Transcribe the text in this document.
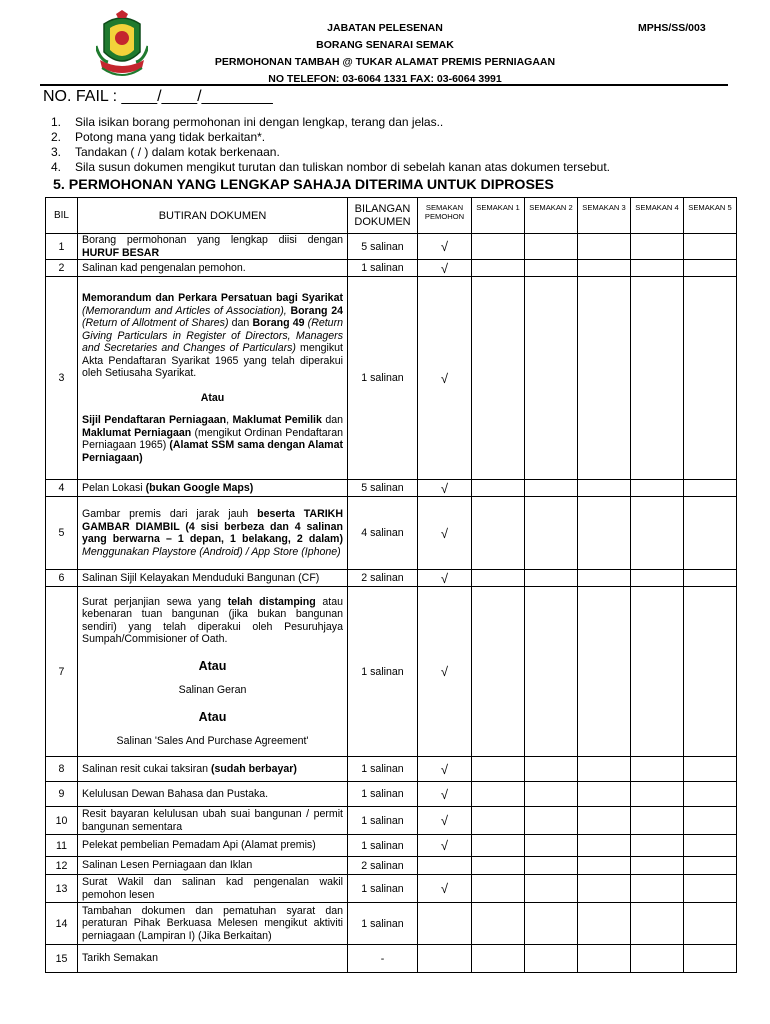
JABATAN PELESENAN
BORANG SENARAI SEMAK
PERMOHONAN TAMBAH @ TUKAR ALAMAT PREMIS PERNIAGAAN
NO TELEFON: 03-6064 1331 FAX: 03-6064 3991
MPHS/SS/003
NO. FAIL : ____/____/________
1. Sila isikan borang permohonan ini dengan lengkap, terang dan jelas..
2. Potong mana yang tidak berkaitan*.
3. Tandakan ( / ) dalam kotak berkenaan.
4. Sila susun dokumen mengikut turutan dan tuliskan nombor di sebelah kanan atas dokumen tersebut.
5. PERMOHONAN YANG LENGKAP SAHAJA DITERIMA UNTUK DIPROSES
BIL	BUTIRAN DOKUMEN	BILANGAN DOKUMEN	SEMAKAN PEMOHON	SEMAKAN 1	SEMAKAN 2	SEMAKAN 3	SEMAKAN 4	SEMAKAN 5
1	Borang permohonan yang lengkap diisi dengan HURUF BESAR	5 salinan	√					
2	Salinan kad pengenalan pemohon.	1 salinan	√					
3	Memorandum dan Perkara Persatuan bagi Syarikat (Memorandum and Articles of Association), Borang 24 (Return of Allotment of Shares) dan Borang 49 (Return Giving Particulars in Register of Directors, Managers and Secretaries and Changes of Particulars) mengikut Akta Pendaftaran Syarikat 1965 yang telah diperakui oleh Setiusaha Syarikat.
Atau
Sijil Pendaftaran Perniagaan, Maklumat Pemilik dan Maklumat Perniagaan (mengikut Ordinan Pendaftaran Perniagaan 1965) (Alamat SSM sama dengan Alamat Perniagaan)	1 salinan	√					
4	Pelan Lokasi (bukan Google Maps)	5 salinan	√					
5	Gambar premis dari jarak jauh beserta TARIKH GAMBAR DIAMBIL (4 sisi berbeza dan 4 salinan yang berwarna – 1 depan, 1 belakang, 2 dalam) Menggunakan Playstore (Android) / App Store (Iphone)	4 salinan	√					
6	Salinan Sijil Kelayakan Menduduki Bangunan (CF)	2 salinan	√					
7	Surat perjanjian sewa yang telah distamping atau kebenaran tuan bangunan (jika bukan bangunan sendiri) yang telah diperakui oleh Pesuruhjaya Sumpah/Commisioner of Oath.
Atau
Salinan Geran
Atau
Salinan 'Sales And Purchase Agreement'	1 salinan	√					
8	Salinan resit cukai taksiran (sudah berbayar)	1 salinan	√					
9	Kelulusan Dewan Bahasa dan Pustaka.	1 salinan	√					
10	Resit bayaran kelulusan ubah suai bangunan / permit bangunan sementara	1 salinan	√					
11	Pelekat pembelian Pemadam Api (Alamat premis)	1 salinan	√					
12	Salinan Lesen Perniagaan dan Iklan	2 salinan						
13	Surat Wakil dan salinan kad pengenalan wakil pemohon lesen	1 salinan	√					
14	Tambahan dokumen dan pematuhan syarat dan peraturan Pihak Berkuasa Melesen mengikut aktiviti perniagaan (Lampiran I) (Jika Berkaitan)	1 salinan						
15	Tarikh Semakan	-						
